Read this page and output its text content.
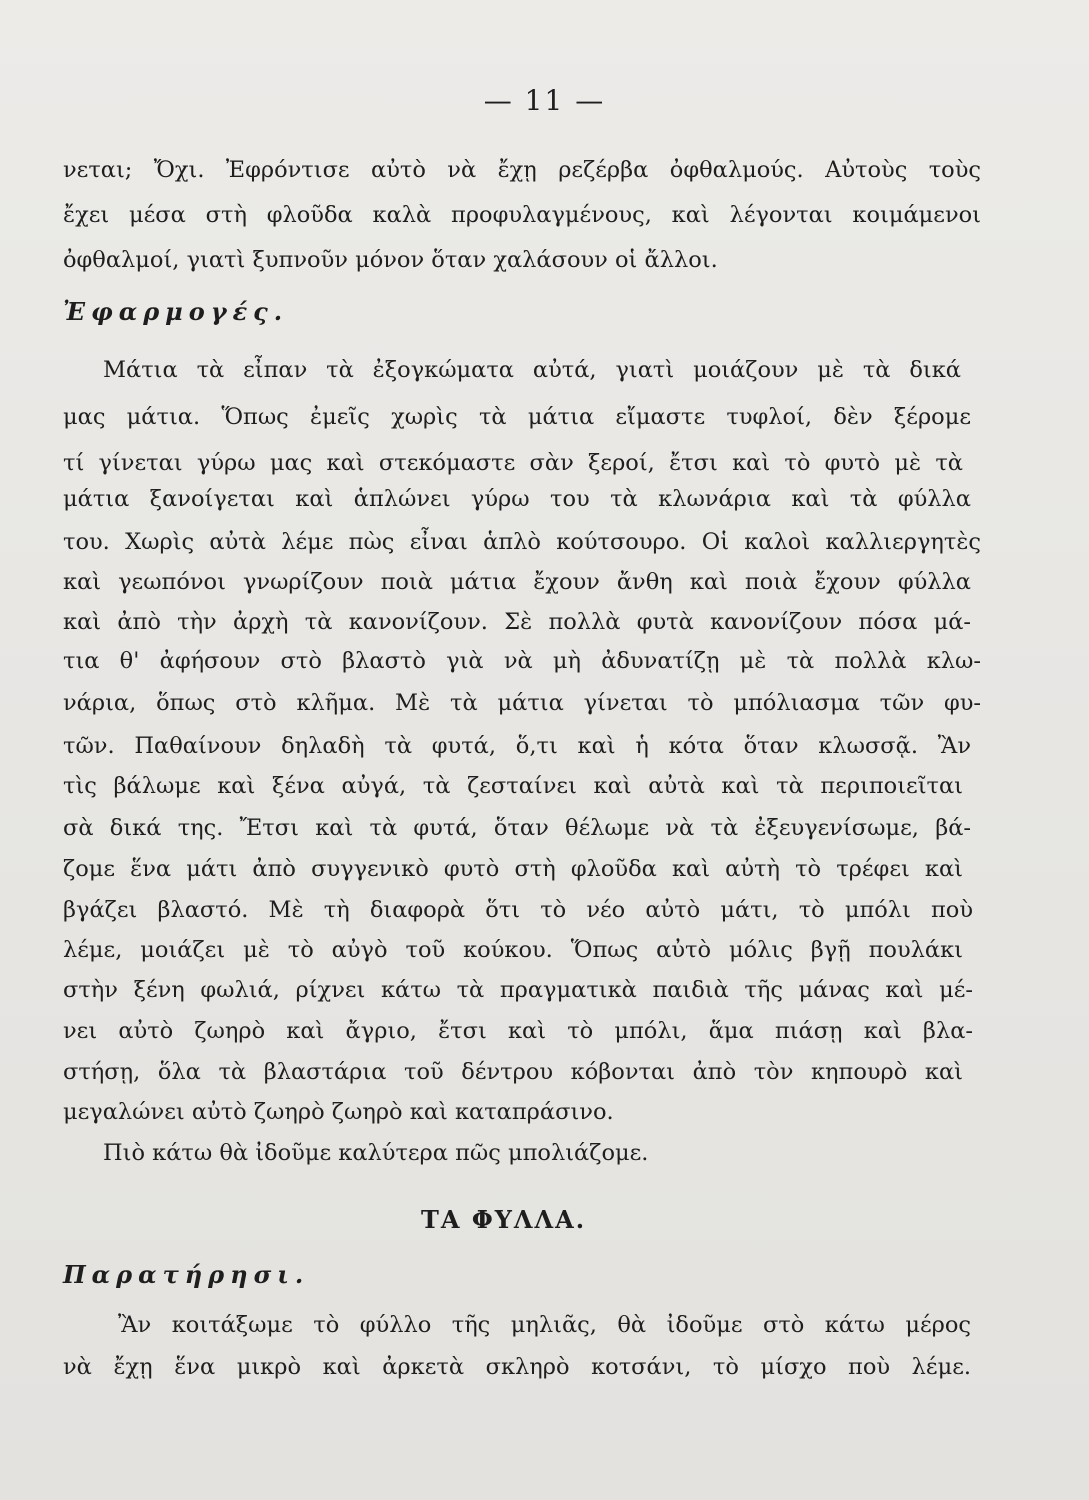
— 11 —
νεται; Ὄχι. Ἐφρόντισε αὐτὸ νὰ ἔχῃ ρεζέρβα ὀφθαλμούς. Αὐτοὺς τοὺς
ἔχει μέσα στὴ φλοῦδα καλὰ προφυλαγμένους, καὶ λέγονται κοιμάμενοι
ὀφθαλμοί, γιατὶ ξυπνοῦν μόνον ὅταν χαλάσουν οἱ ἄλλοι.
Ἐφαρμογές.
Μάτια τὰ εἶπαν τὰ ἐξογκώματα αὐτά, γιατὶ μοιάζουν μὲ τὰ δικά
μας μάτια. Ὅπως ἐμεῖς χωρὶς τὰ μάτια εἴμαστε τυφλοί, δὲν ξέρομε
τί γίνεται γύρω μας καὶ στεκόμαστε σὰν ξεροί, ἔτσι καὶ τὸ φυτὸ μὲ τὰ
μάτια ξανοίγεται καὶ ἁπλώνει γύρω του τὰ κλωνάρια καὶ τὰ φύλλα
του. Χωρὶς αὐτὰ λέμε πὼς εἶναι ἁπλὸ κούτσουρο. Οἱ καλοὶ καλλιεργητὲς
καὶ γεωπόνοι γνωρίζουν ποιὰ μάτια ἔχουν ἄνθη καὶ ποιὰ ἔχουν φύλλα
καὶ ἀπὸ τὴν ἀρχὴ τὰ κανονίζουν. Σὲ πολλὰ φυτὰ κανονίζουν πόσα μά-
τια θ' ἀφήσουν στὸ βλαστὸ γιὰ νὰ μὴ ἀδυνατίζῃ μὲ τὰ πολλὰ κλω-
νάρια, ὅπως στὸ κλῆμα. Μὲ τὰ μάτια γίνεται τὸ μπόλιασμα τῶν φυ-
τῶν. Παθαίνουν δηλαδὴ τὰ φυτά, ὅ,τι καὶ ἡ κότα ὅταν κλωσσᾷ. Ἂν
τὶς βάλωμε καὶ ξένα αὐγά, τὰ ζεσταίνει καὶ αὐτὰ καὶ τὰ περιποιεῖται
σὰ δικά της. Ἔτσι καὶ τὰ φυτά, ὅταν θέλωμε νὰ τὰ ἐξευγενίσωμε, βά-
ζομε ἕνα μάτι ἀπὸ συγγενικὸ φυτὸ στὴ φλοῦδα καὶ αὐτὴ τὸ τρέφει καὶ
βγάζει βλαστό. Μὲ τὴ διαφορὰ ὅτι τὸ νέο αὐτὸ μάτι, τὸ μπόλι ποὺ
λέμε, μοιάζει μὲ τὸ αὐγὸ τοῦ κούκου. Ὅπως αὐτὸ μόλις βγῇ πουλάκι
στὴν ξένη φωλιά, ρίχνει κάτω τὰ πραγματικὰ παιδιὰ τῆς μάνας καὶ μέ-
νει αὐτὸ ζωηρὸ καὶ ἄγριο, ἔτσι καὶ τὸ μπόλι, ἅμα πιάσῃ καὶ βλα-
στήσῃ, ὅλα τὰ βλαστάρια τοῦ δέντρου κόβονται ἀπὸ τὸν κηπουρὸ καὶ
μεγαλώνει αὐτὸ ζωηρὸ ζωηρὸ καὶ καταπράσινο.
Πιὸ κάτω θὰ ἰδοῦμε καλύτερα πῶς μπολιάζομε.
ΤΑ ΦΥΛΛΑ.
Παρατήρησι.
Ἂν κοιτάξωμε τὸ φύλλο τῆς μηλιᾶς, θὰ ἰδοῦμε στὸ κάτω μέρος
νὰ ἔχῃ ἕνα μικρὸ καὶ ἀρκετὰ σκληρὸ κοτσάνι, τὸ μίσχο ποὺ λέμε.
